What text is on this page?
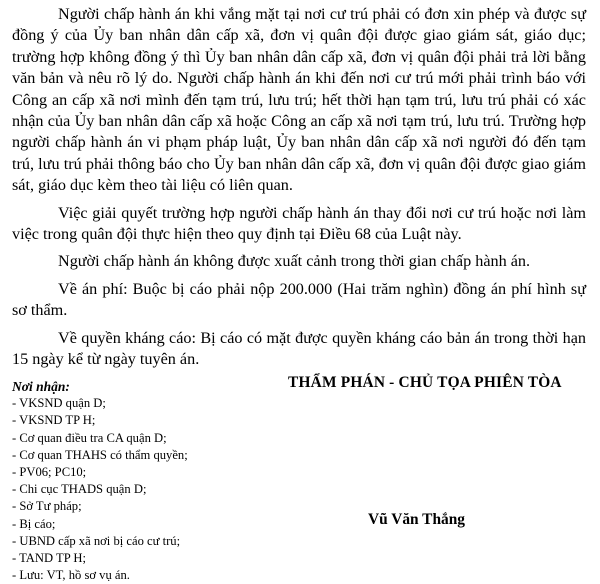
Người chấp hành án khi vắng mặt tại nơi cư trú phải có đơn xin phép và được sự đồng ý của Ủy ban nhân dân cấp xã, đơn vị quân đội được giao giám sát, giáo dục; trường hợp không đồng ý thì Ủy ban nhân dân cấp xã, đơn vị quân đội phải trả lời bằng văn bản và nêu rõ lý do. Người chấp hành án khi đến nơi cư trú mới phải trình báo với Công an cấp xã nơi mình đến tạm trú, lưu trú; hết thời hạn tạm trú, lưu trú phải có xác nhận của Ủy ban nhân dân cấp xã hoặc Công an cấp xã nơi tạm trú, lưu trú. Trường hợp người chấp hành án vi phạm pháp luật, Ủy ban nhân dân cấp xã nơi người đó đến tạm trú, lưu trú phải thông báo cho Ủy ban nhân dân cấp xã, đơn vị quân đội được giao giám sát, giáo dục kèm theo tài liệu có liên quan.

Việc giải quyết trường hợp người chấp hành án thay đổi nơi cư trú hoặc nơi làm việc trong quân đội thực hiện theo quy định tại Điều 68 của Luật này.

Người chấp hành án không được xuất cảnh trong thời gian chấp hành án.

Về án phí: Buộc bị cáo phải nộp 200.000 (Hai trăm nghìn) đồng án phí hình sự sơ thẩm.

Về quyền kháng cáo: Bị cáo có mặt được quyền kháng cáo bản án trong thời hạn 15 ngày kể từ ngày tuyên án.

Nơi nhận:

- VKSND quận D;
- VKSND TP H;
- Cơ quan điều tra CA quận D;
- Cơ quan THAHS có thẩm quyền;
- PV06; PC10;
- Chi cục THADS quận D;
- Sở Tư pháp;
- Bị cáo;
- UBND cấp xã nơi bị cáo cư trú;
- TAND TP H;
- Lưu: VT, hồ sơ vụ án.
THẨM PHÁN - CHỦ TỌA PHIÊN TÒA
Vũ Văn Thắng
